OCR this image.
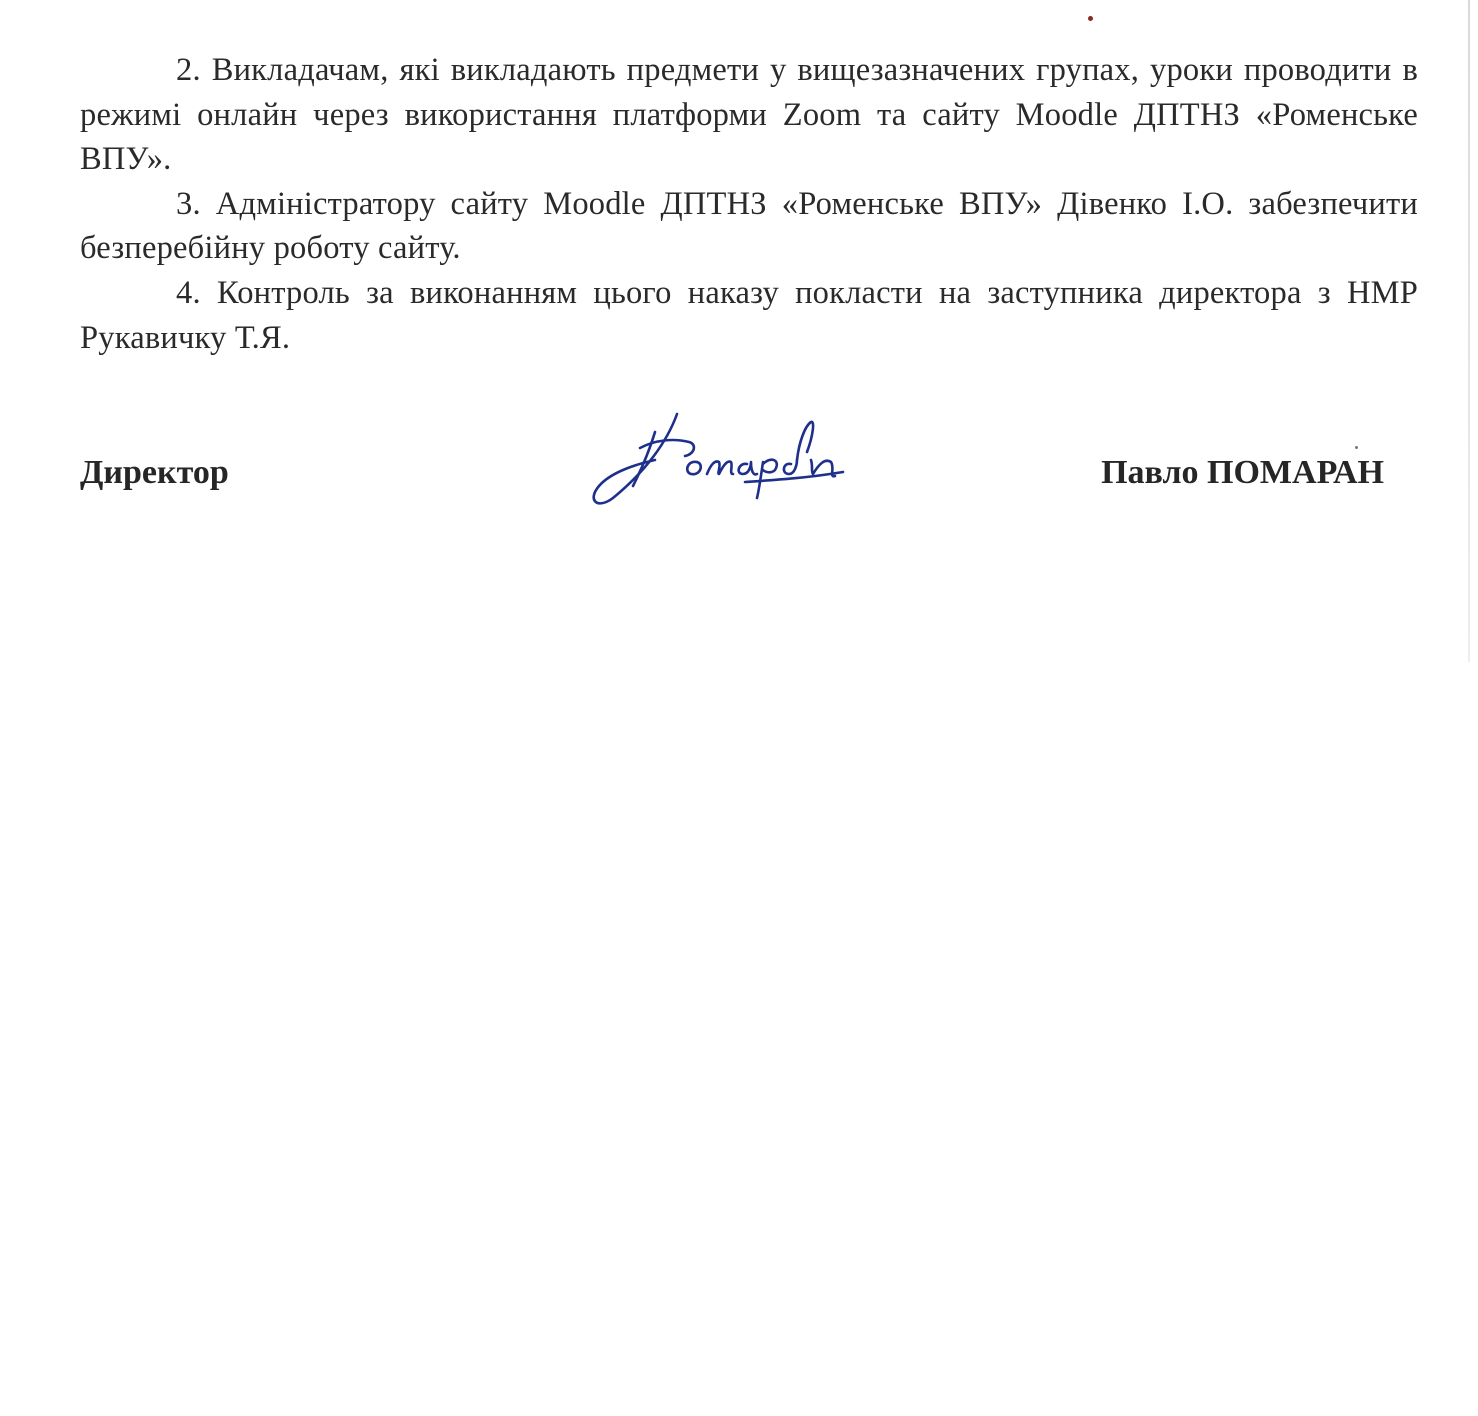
2. Викладачам, які викладають предмети у вищезазначених групах, уроки проводити в режимі онлайн через використання платформи Zoom та сайту Moodle ДПТНЗ «Роменське ВПУ».

3. Адміністратору сайту Moodle ДПТНЗ «Роменське ВПУ» Дівенко І.О. забезпечити безперебійну роботу сайту.

4. Контроль за виконанням цього наказу покласти на заступника директора з НМР Рукавичку Т.Я.

Директор	Павло ПОМАРАН
